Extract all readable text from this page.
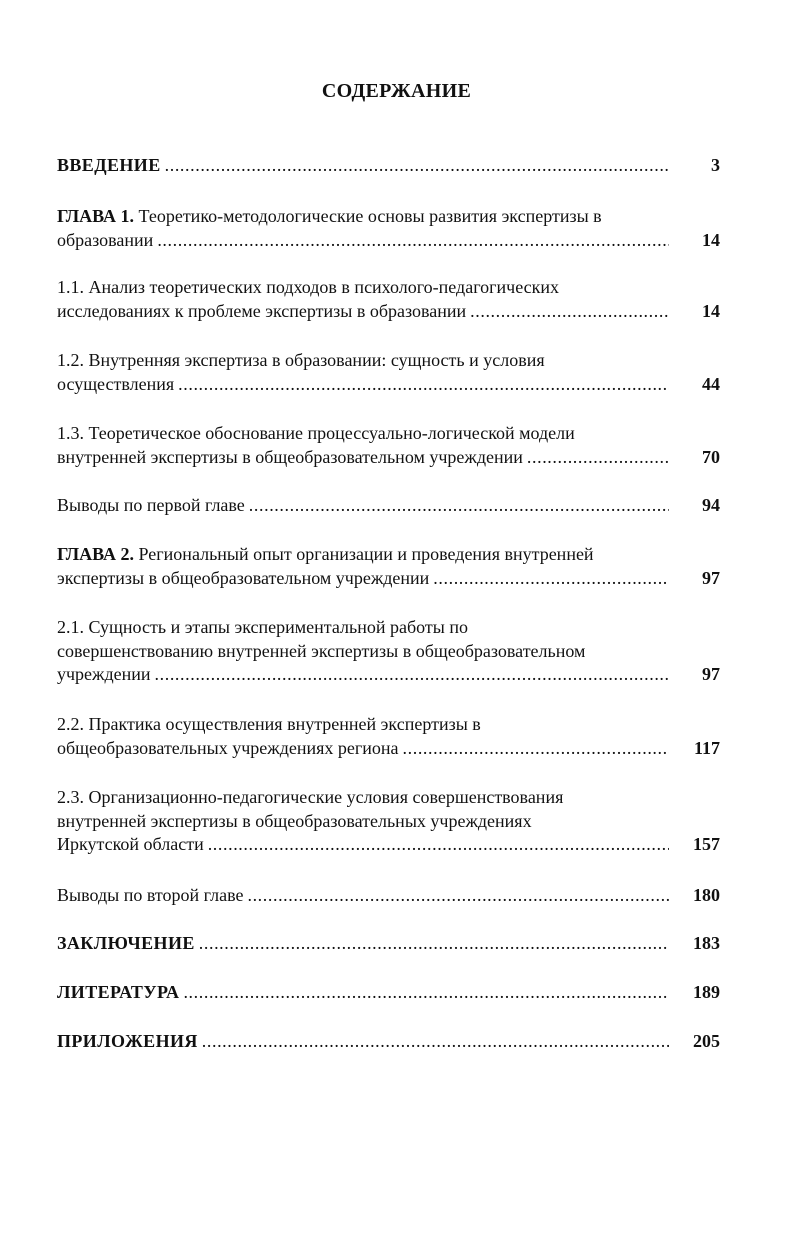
СОДЕРЖАНИЕ
ВВЕДЕНИЕ .....	3
ГЛАВА 1. Теоретико-методологические основы развития экспертизы в
образовании .....	14
1.1. Анализ теоретических подходов в психолого-педагогических
исследованиях к проблеме экспертизы в образовании .....	14
1.2. Внутренняя экспертиза в образовании: сущность и условия
осуществления .....	44
1.3. Теоретическое обоснование процессуально-логической модели
внутренней экспертизы в общеобразовательном учреждении .....	70
Выводы по первой главе .....	94
ГЛАВА 2. Региональный опыт организации и проведения внутренней
экспертизы в общеобразовательном учреждении .....	97
2.1. Сущность и этапы экспериментальной работы по
совершенствованию внутренней экспертизы в общеобразовательном
учреждении .....	97
2.2. Практика осуществления внутренней экспертизы в
общеобразовательных учреждениях региона .....	117
2.3. Организационно-педагогические условия совершенствования
внутренней экспертизы в общеобразовательных учреждениях
Иркутской области .....	157
Выводы по второй главе .....	180
ЗАКЛЮЧЕНИЕ .....	183
ЛИТЕРАТУРА .....	189
ПРИЛОЖЕНИЯ .....	205
